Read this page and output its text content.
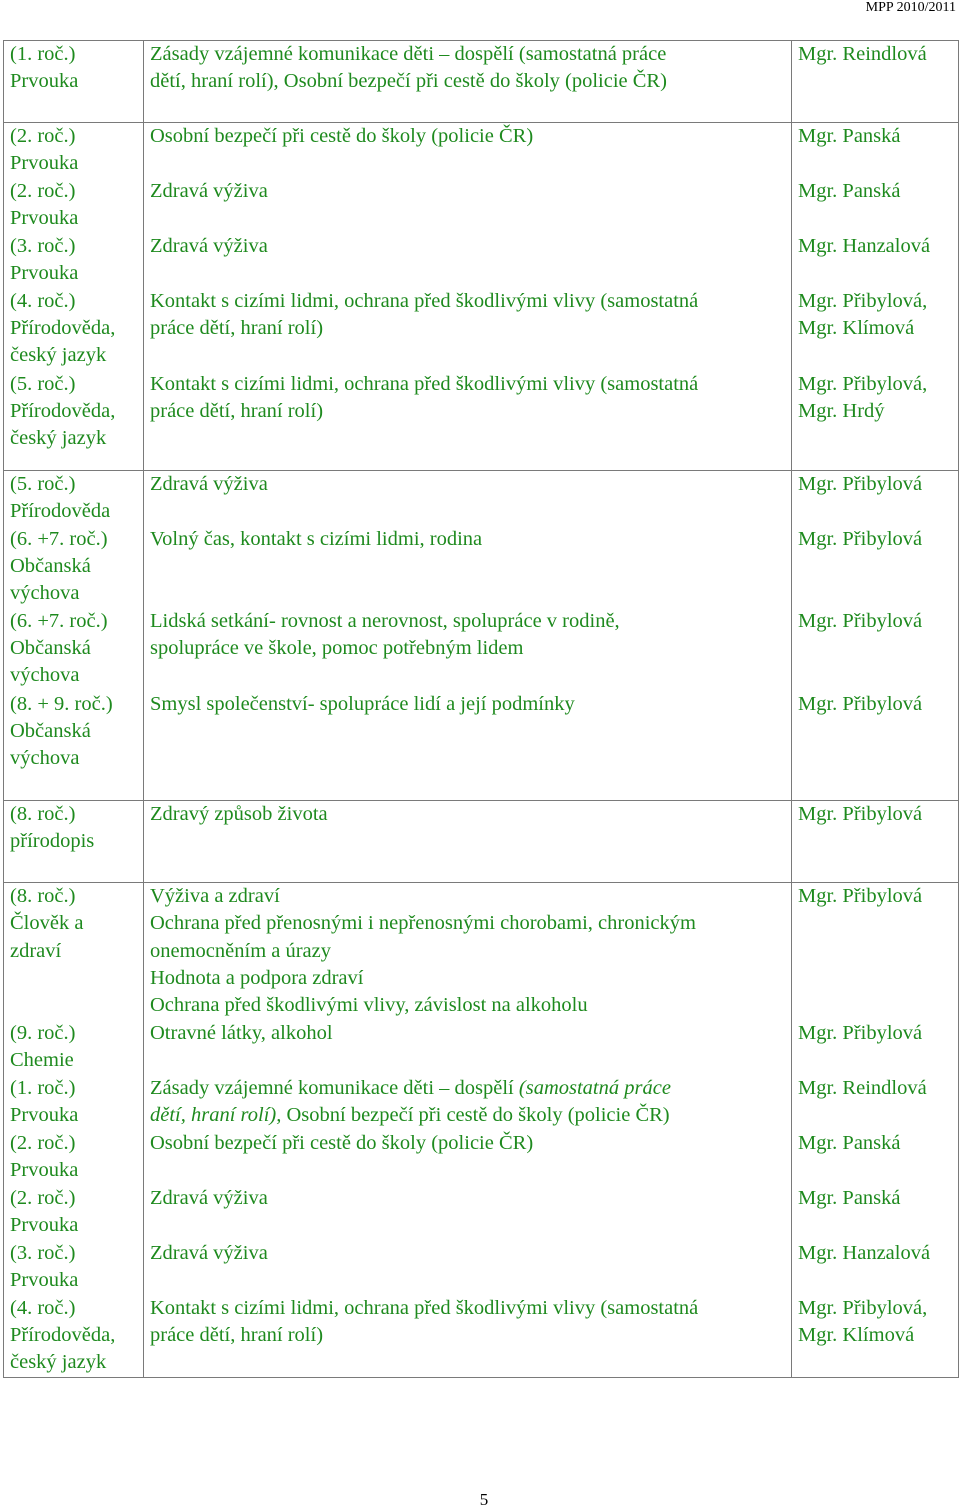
MPP 2010/2011
(1. roč.)
Prvouka	Zásady vzájemné komunikace děti – dospělí (samostatná práce
dětí, hraní rolí), Osobní bezpečí při cestě do školy (policie ČR)	Mgr. Reindlová

(2. roč.)
Prvouka	Osobní bezpečí při cestě do školy (policie ČR)	Mgr. Panská

(2. roč.)
Prvouka	Zdravá výživa	Mgr. Panská

(3. roč.)
Prvouka	Zdravá výživa	Mgr. Hanzalová

(4. roč.)
Přírodověda,
český jazyk	Kontakt s cizími lidmi, ochrana před škodlivými vlivy (samostatná
práce dětí, hraní rolí)	Mgr. Přibylová,
Mgr. Klímová

(5. roč.)
Přírodověda,
český jazyk	Kontakt s cizími lidmi, ochrana před škodlivými vlivy (samostatná
práce dětí, hraní rolí)	Mgr. Přibylová,
Mgr. Hrdý

(5. roč.)
Přírodověda	Zdravá výživa	Mgr. Přibylová

(6. +7. roč.)
Občanská
výchova	Volný čas, kontakt s cizími lidmi, rodina	Mgr. Přibylová

(6. +7. roč.)
Občanská
výchova	Lidská setkání- rovnost a nerovnost, spolupráce v rodině,
spolupráce ve škole, pomoc potřebným lidem	Mgr. Přibylová

(8. + 9. roč.)
Občanská
výchova	Smysl společenství- spolupráce lidí a její podmínky	Mgr. Přibylová

(8. roč.)
přírodopis	Zdravý způsob života	Mgr. Přibylová

(8. roč.)
Člověk a
zdraví	Výživa a zdraví
Ochrana před přenosnými i nepřenosnými chorobami, chronickým
onemocněním a úrazy
Hodnota a podpora zdraví
Ochrana před škodlivými vlivy, závislost na alkoholu	Mgr. Přibylová

(9. roč.)
Chemie	Otravné látky, alkohol	Mgr. Přibylová

(1. roč.)
Prvouka	Zásady vzájemné komunikace děti – dospělí (samostatná práce
dětí, hraní rolí), Osobní bezpečí při cestě do školy (policie ČR)	Mgr. Reindlová

(2. roč.)
Prvouka	Osobní bezpečí při cestě do školy (policie ČR)	Mgr. Panská

(2. roč.)
Prvouka	Zdravá výživa	Mgr. Panská

(3. roč.)
Prvouka	Zdravá výživa	Mgr. Hanzalová

(4. roč.)
Přírodověda,
český jazyk	Kontakt s cizími lidmi, ochrana před škodlivými vlivy (samostatná
práce dětí, hraní rolí)	Mgr. Přibylová,
Mgr. Klímová
5
